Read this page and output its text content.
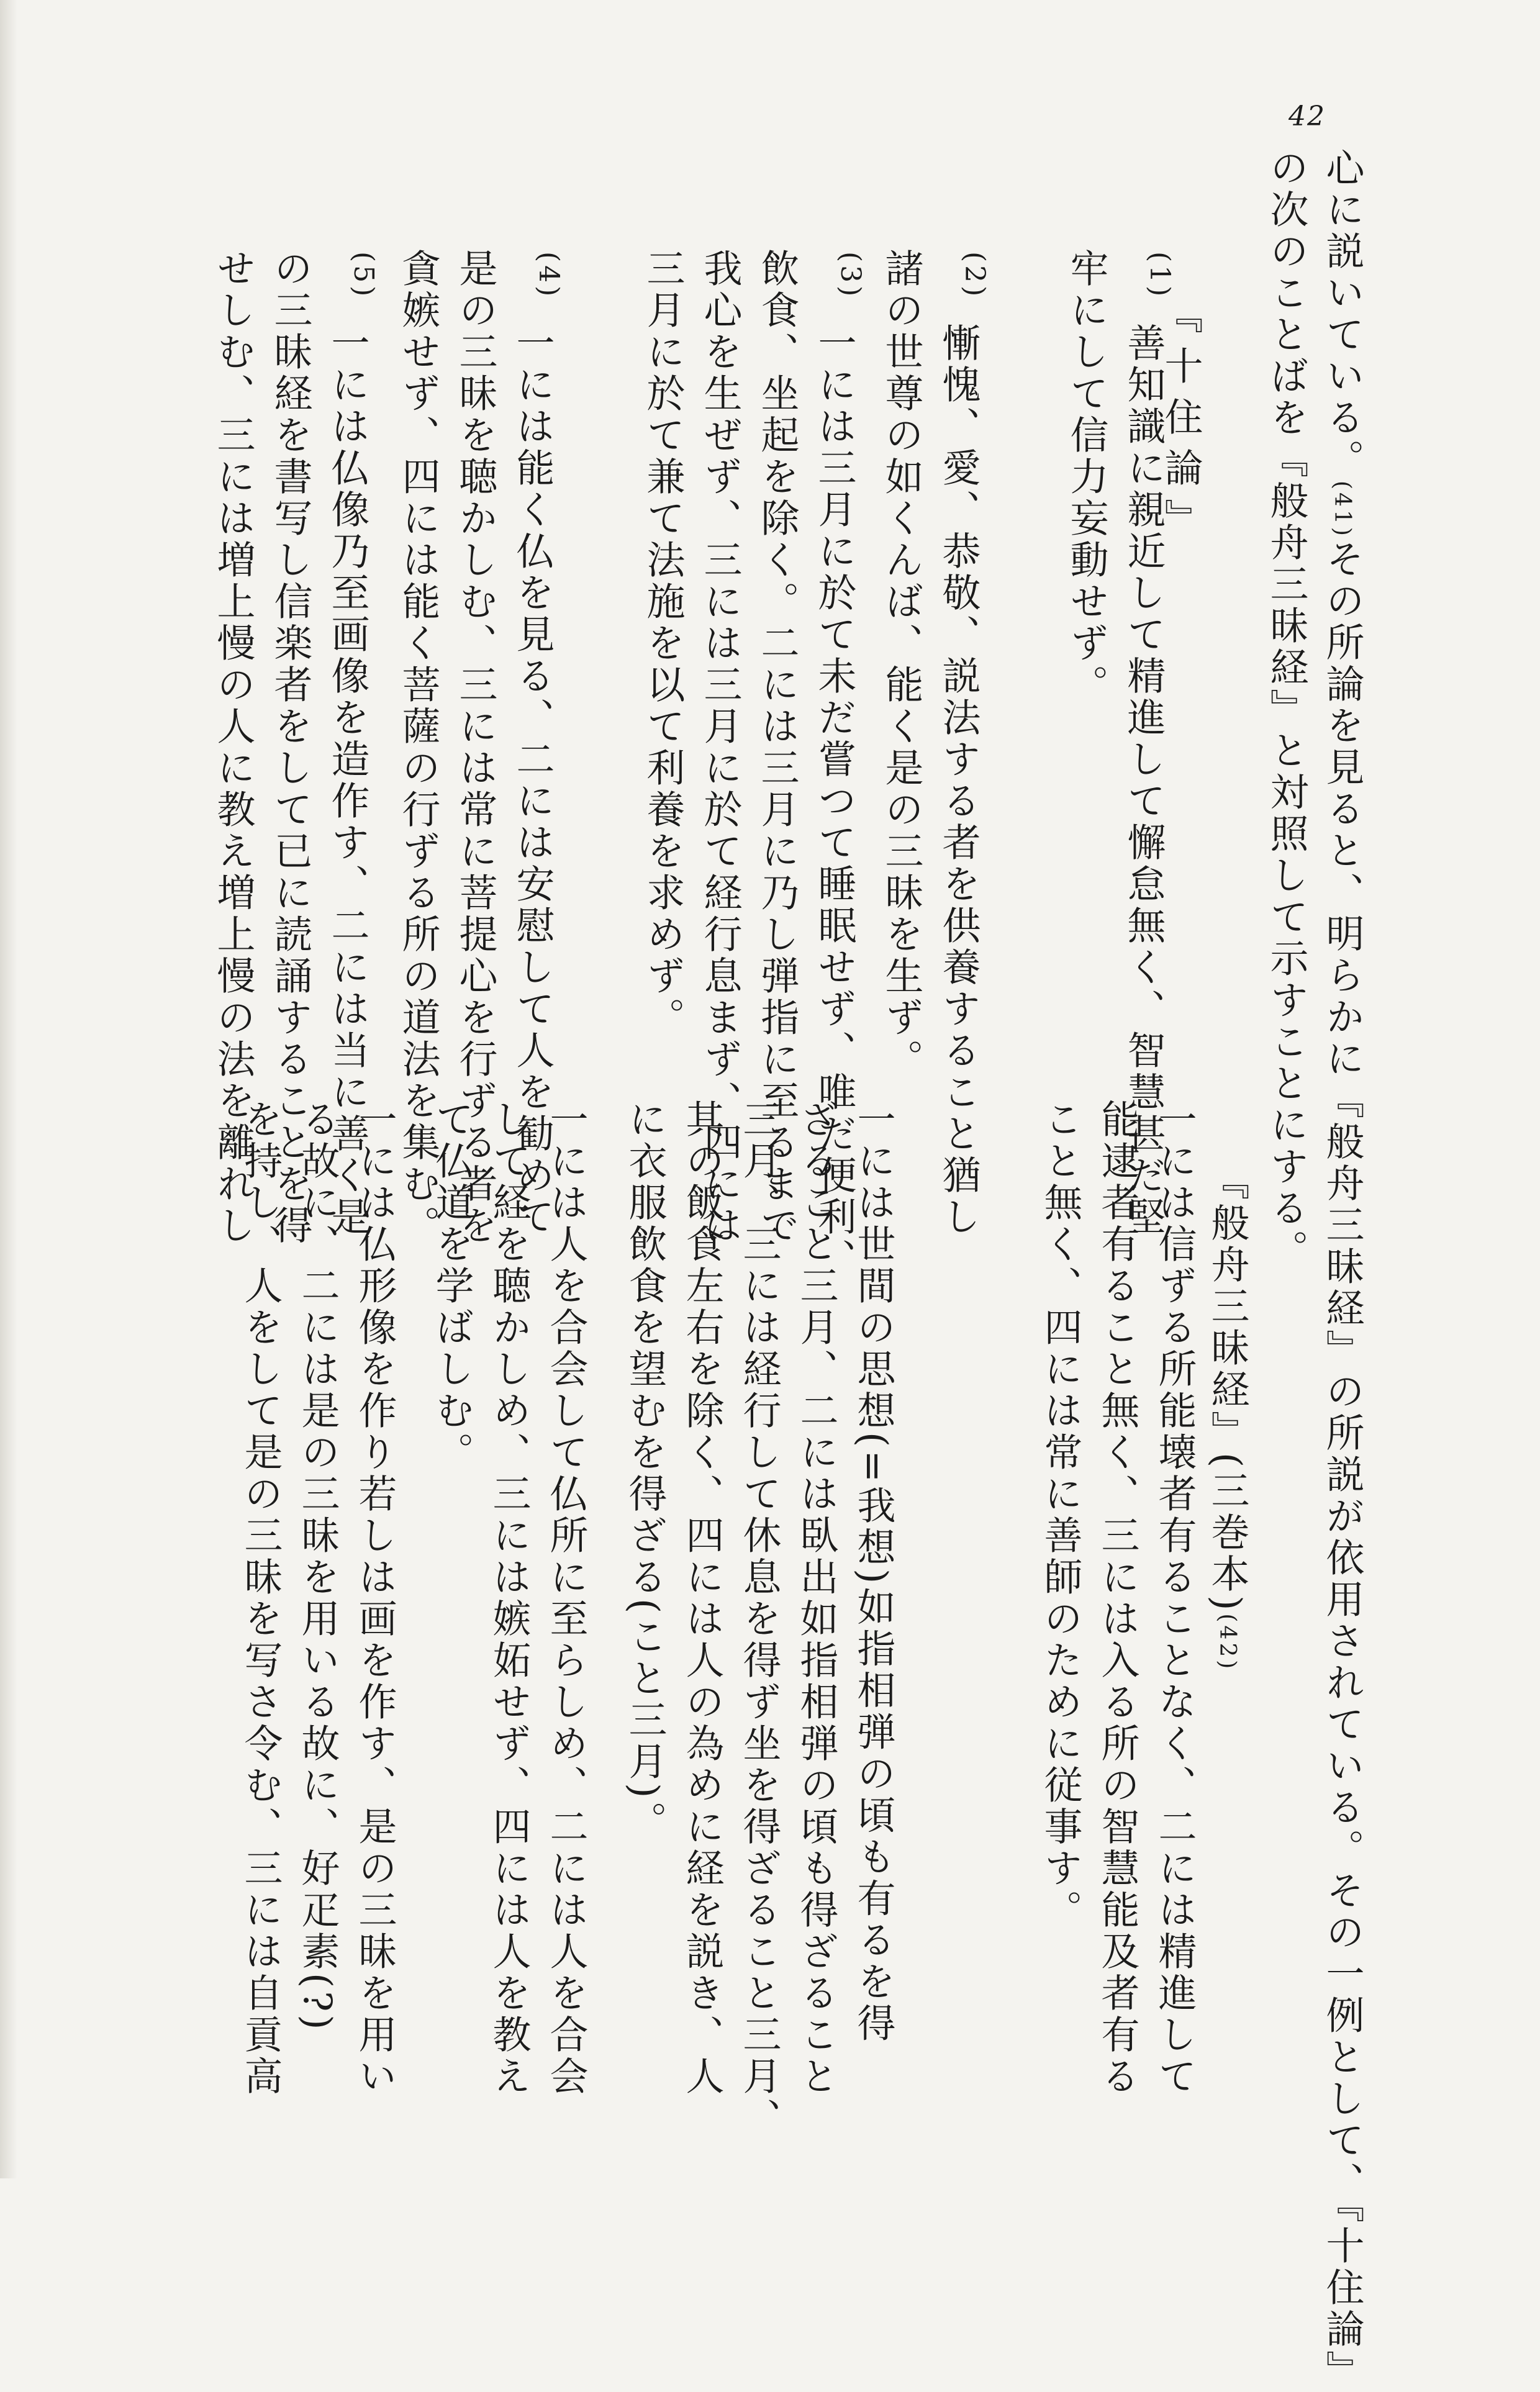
42
心に説いている。(41)その所論を見ると、明らかに『般舟三昧経』の所説が依用されている。その一例として、『十住論』
の次のことばを『般舟三昧経』と対照して示すことにする。
『十住論』
(1)
善知識に親近して精進して懈怠無く、智慧甚だ堅
牢にして信力妄動せず。
(2)
慚愧、愛、恭敬、説法する者を供養すること猶し
諸の世尊の如くんば、能く是の三昧を生ず。
(3)
一には三月に於て未だ嘗つて睡眠せず、唯だ便利、
飲食、坐起を除く。二には三月に乃し弾指に至るまで
我心を生ぜず、三には三月に於て経行息まず、四には
三月に於て兼て法施を以て利養を求めず。
(4)
一には能く仏を見る、二には安慰して人を勧めて
是の三昧を聴かしむ、三には常に菩提心を行ずる者を
貪嫉せず、四には能く菩薩の行ずる所の道法を集む。
(5)
一には仏像乃至画像を造作す、二には当に善く是
の三昧経を書写し信楽者をして已に読誦することを得
せしむ、三には増上慢の人に教え増上慢の法を離れし
『般舟三昧経』(三巻本)(42)
一には信ずる所能壊者有ることなく、二には精進して
能逮者有ること無く、三には入る所の智慧能及者有る
こと無く、四には常に善師のために従事す。
一には世間の思想(=我想)如指相弾の頃も有るを得
ざること三月、二には臥出如指相弾の頃も得ざること
三月、三には経行して休息を得ず坐を得ざること三月、
其の飯食左右を除く、四には人の為めに経を説き、人
に衣服飲食を望むを得ざる(こと三月)。
一には人を合会して仏所に至らしめ、二には人を合会
して経を聴かしめ、三には嫉妬せず、四には人を教え
て仏道を学ばしむ。
一には仏形像を作り若しは画を作す、是の三昧を用い
る故に、二には是の三昧を用いる故に、好疋素(?)
を持し、人をして是の三昧を写さ令む、三には自貢高
